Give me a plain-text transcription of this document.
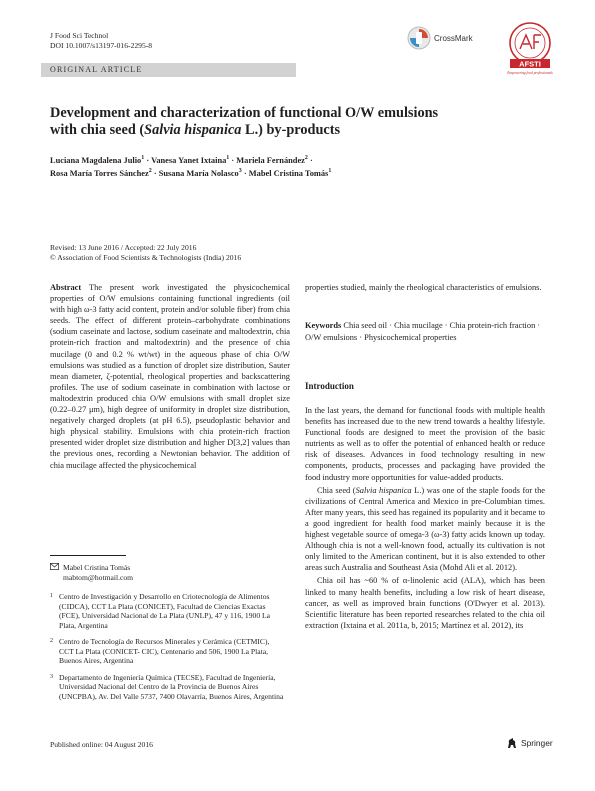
J Food Sci Technol
DOI 10.1007/s13197-016-2295-8
ORIGINAL ARTICLE
CrossMark
AFSTI
Empowering food professionals
Development and characterization of functional O/W emulsions
with chia seed (Salvia hispanica L.) by-products
Luciana Magdalena Julio$^1$ · Vanesa Yanet Ixtaina$^1$ · Mariela Fernández$^2$ ·
Rosa María Torres Sánchez$^2$ · Susana María Nolasco$^3$ · Mabel Cristina Tomás$^1$
Revised: 13 June 2016 / Accepted: 22 July 2016
© Association of Food Scientists & Technologists (India) 2016
Abstract The present work investigated the physicochemical properties of O/W emulsions containing functional ingredients (oil with high ω-3 fatty acid content, protein and/or soluble fiber) from chia seeds. The effect of different protein–carbohydrate combinations (sodium caseinate and lactose, sodium caseinate and maltodextrin, chia protein-rich fraction and maltodextrin) and the presence of chia mucilage (0 and 0.2 % wt/wt) in the aqueous phase of chia O/W emulsions was studied as a function of droplet size distribution, Sauter mean diameter, ζ-potential, rheological properties and backscattering profiles. The use of sodium caseinate in combination with lactose or maltodextrin produced chia O/W emulsions with small droplet size (0.22–0.27 μm), high degree of uniformity in droplet size distribution, negatively charged droplets (at pH 6.5), pseudoplastic behavior and high physical stability. Emulsions with chia protein-rich fraction presented wider droplet size distribution and higher D[3,2] values than the previous ones, recording a Newtonian behavior. The addition of chia mucilage affected the physicochemical
properties studied, mainly the rheological characteristics of emulsions.
Keywords Chia seed oil · Chia mucilage · Chia protein-rich fraction · O/W emulsions · Physicochemical properties
Introduction

In the last years, the demand for functional foods with multiple health benefits has increased due to the new trend towards a healthy lifestyle. Functional foods are designed to meet the provision of the basic nutrients as well as to offer the potential of enhanced health or reduce risk of diseases. Advances in food technology resulting in new components, products, processes and packaging have provided the food industry more opportunities for value-added products.

Chia seed (Salvia hispanica L.) was one of the staple foods for the civilizations of Central America and Mexico in pre-Columbian times. After many years, this seed has regained its popularity and it became to a good ingredient for health food market mainly because it is the highest vegetable source of omega-3 (ω-3) fatty acids known up today. Although chia is not a well-known food, actually its cultivation is not only limited to the American continent, but it is also extended to other areas such Australia and Southeast Asia (Mohd Ali et al. 2012).

Chia oil has ~60 % of α-linolenic acid (ALA), which has been linked to many health benefits, including a low risk of heart disease, cancer, as well as improved brain functions (O'Dwyer et al. 2013). Scientific literature has been reported researches related to the chia oil extraction (Ixtaina et al. 2011a, b, 2015; Martínez et al. 2012), its

Mabel Cristina Tomás
mabtom@hotmail.com
1 Centro de Investigación y Desarrollo en Criotecnología de Alimentos (CIDCA), CCT La Plata (CONICET), Facultad de Ciencias Exactas (FCE), Universidad Nacional de La Plata (UNLP), 47 y 116, 1900 La Plata, Argentina
2 Centro de Tecnología de Recursos Minerales y Cerámica (CETMIC), CCT La Plata (CONICET- CIC), Centenario and 506, 1900 La Plata, Buenos Aires, Argentina
3 Departamento de Ingeniería Química (TECSE), Facultad de Ingeniería, Universidad Nacional del Centro de la Provincia de Buenos Aires (UNCPBA), Av. Del Valle 5737, 7400 Olavarría, Buenos Aires, Argentina
Published online: 04 August 2016	Springer
